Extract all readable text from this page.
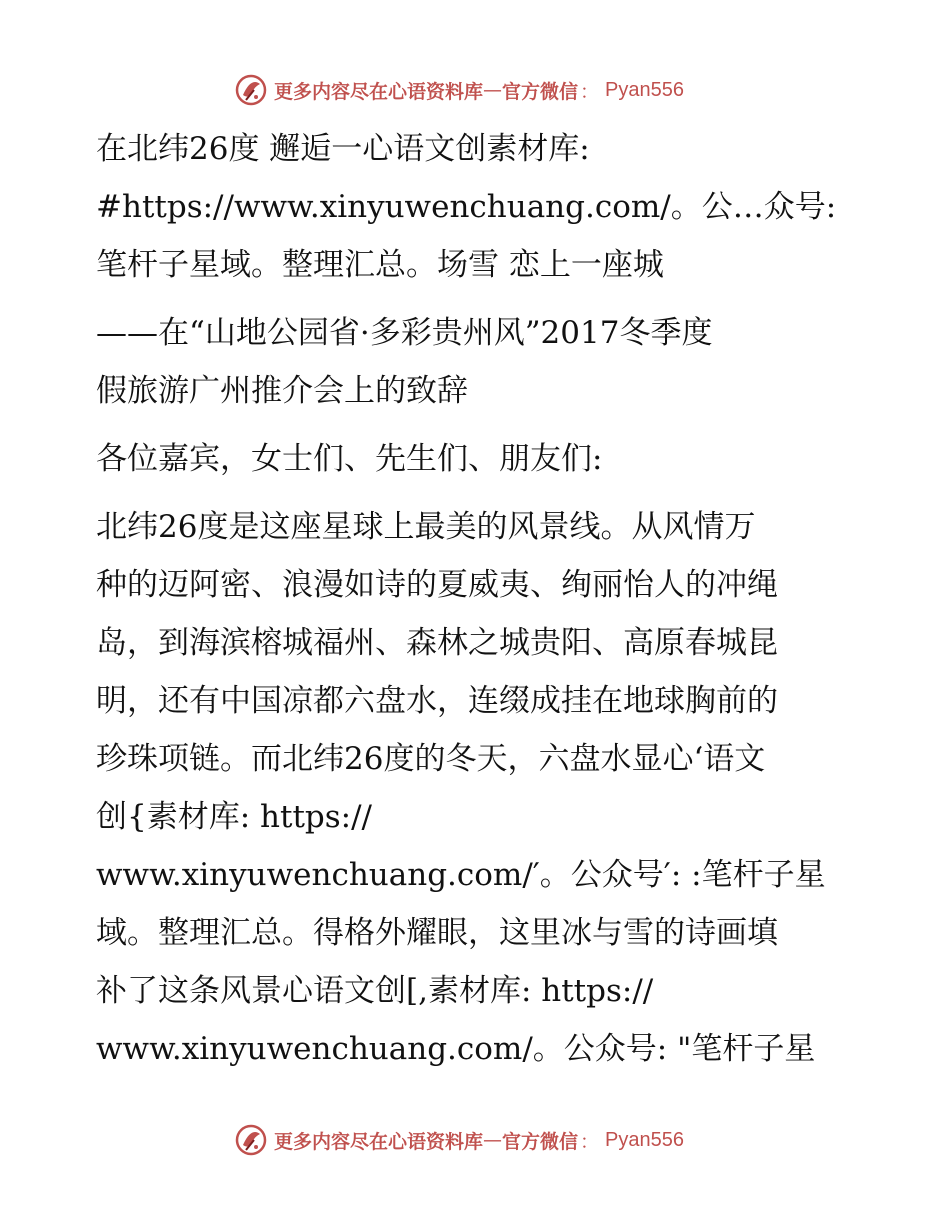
更多内容尽在心语资料库 — 官方微信 ： Pyan556
在北纬26度 邂逅一心语文创素材库:
#https://www.xinyuwenchuang.com/。公…众号:
笔杆子星域。整理汇总。场雪 恋上一座城
——在“山地公园省·多彩贵州风”2017冬季度
假旅游广州推介会上的致辞
各位嘉宾，女士们、先生们、朋友们:
北纬26度是这座星球上最美的风景线。从风情万
种的迈阿密、浪漫如诗的夏威夷、绚丽怡人的冲绳
岛，到海滨榕城福州、森林之城贵阳、高原春城昆
明，还有中国凉都六盘水，连缀成挂在地球胸前的
珍珠项链。而北纬26度的冬天，六盘水显心‘语文
创{素材库: https://
www.xinyuwenchuang.com/′。公众号′: :笔杆子星
域。整理汇总。得格外耀眼，这里冰与雪的诗画填
补了这条风景心语文创[,素材库: https://
www.xinyuwenchuang.com/。公众号: "笔杆子星
更多内容尽在心语资料库 — 官方微信 ： Pyan556
